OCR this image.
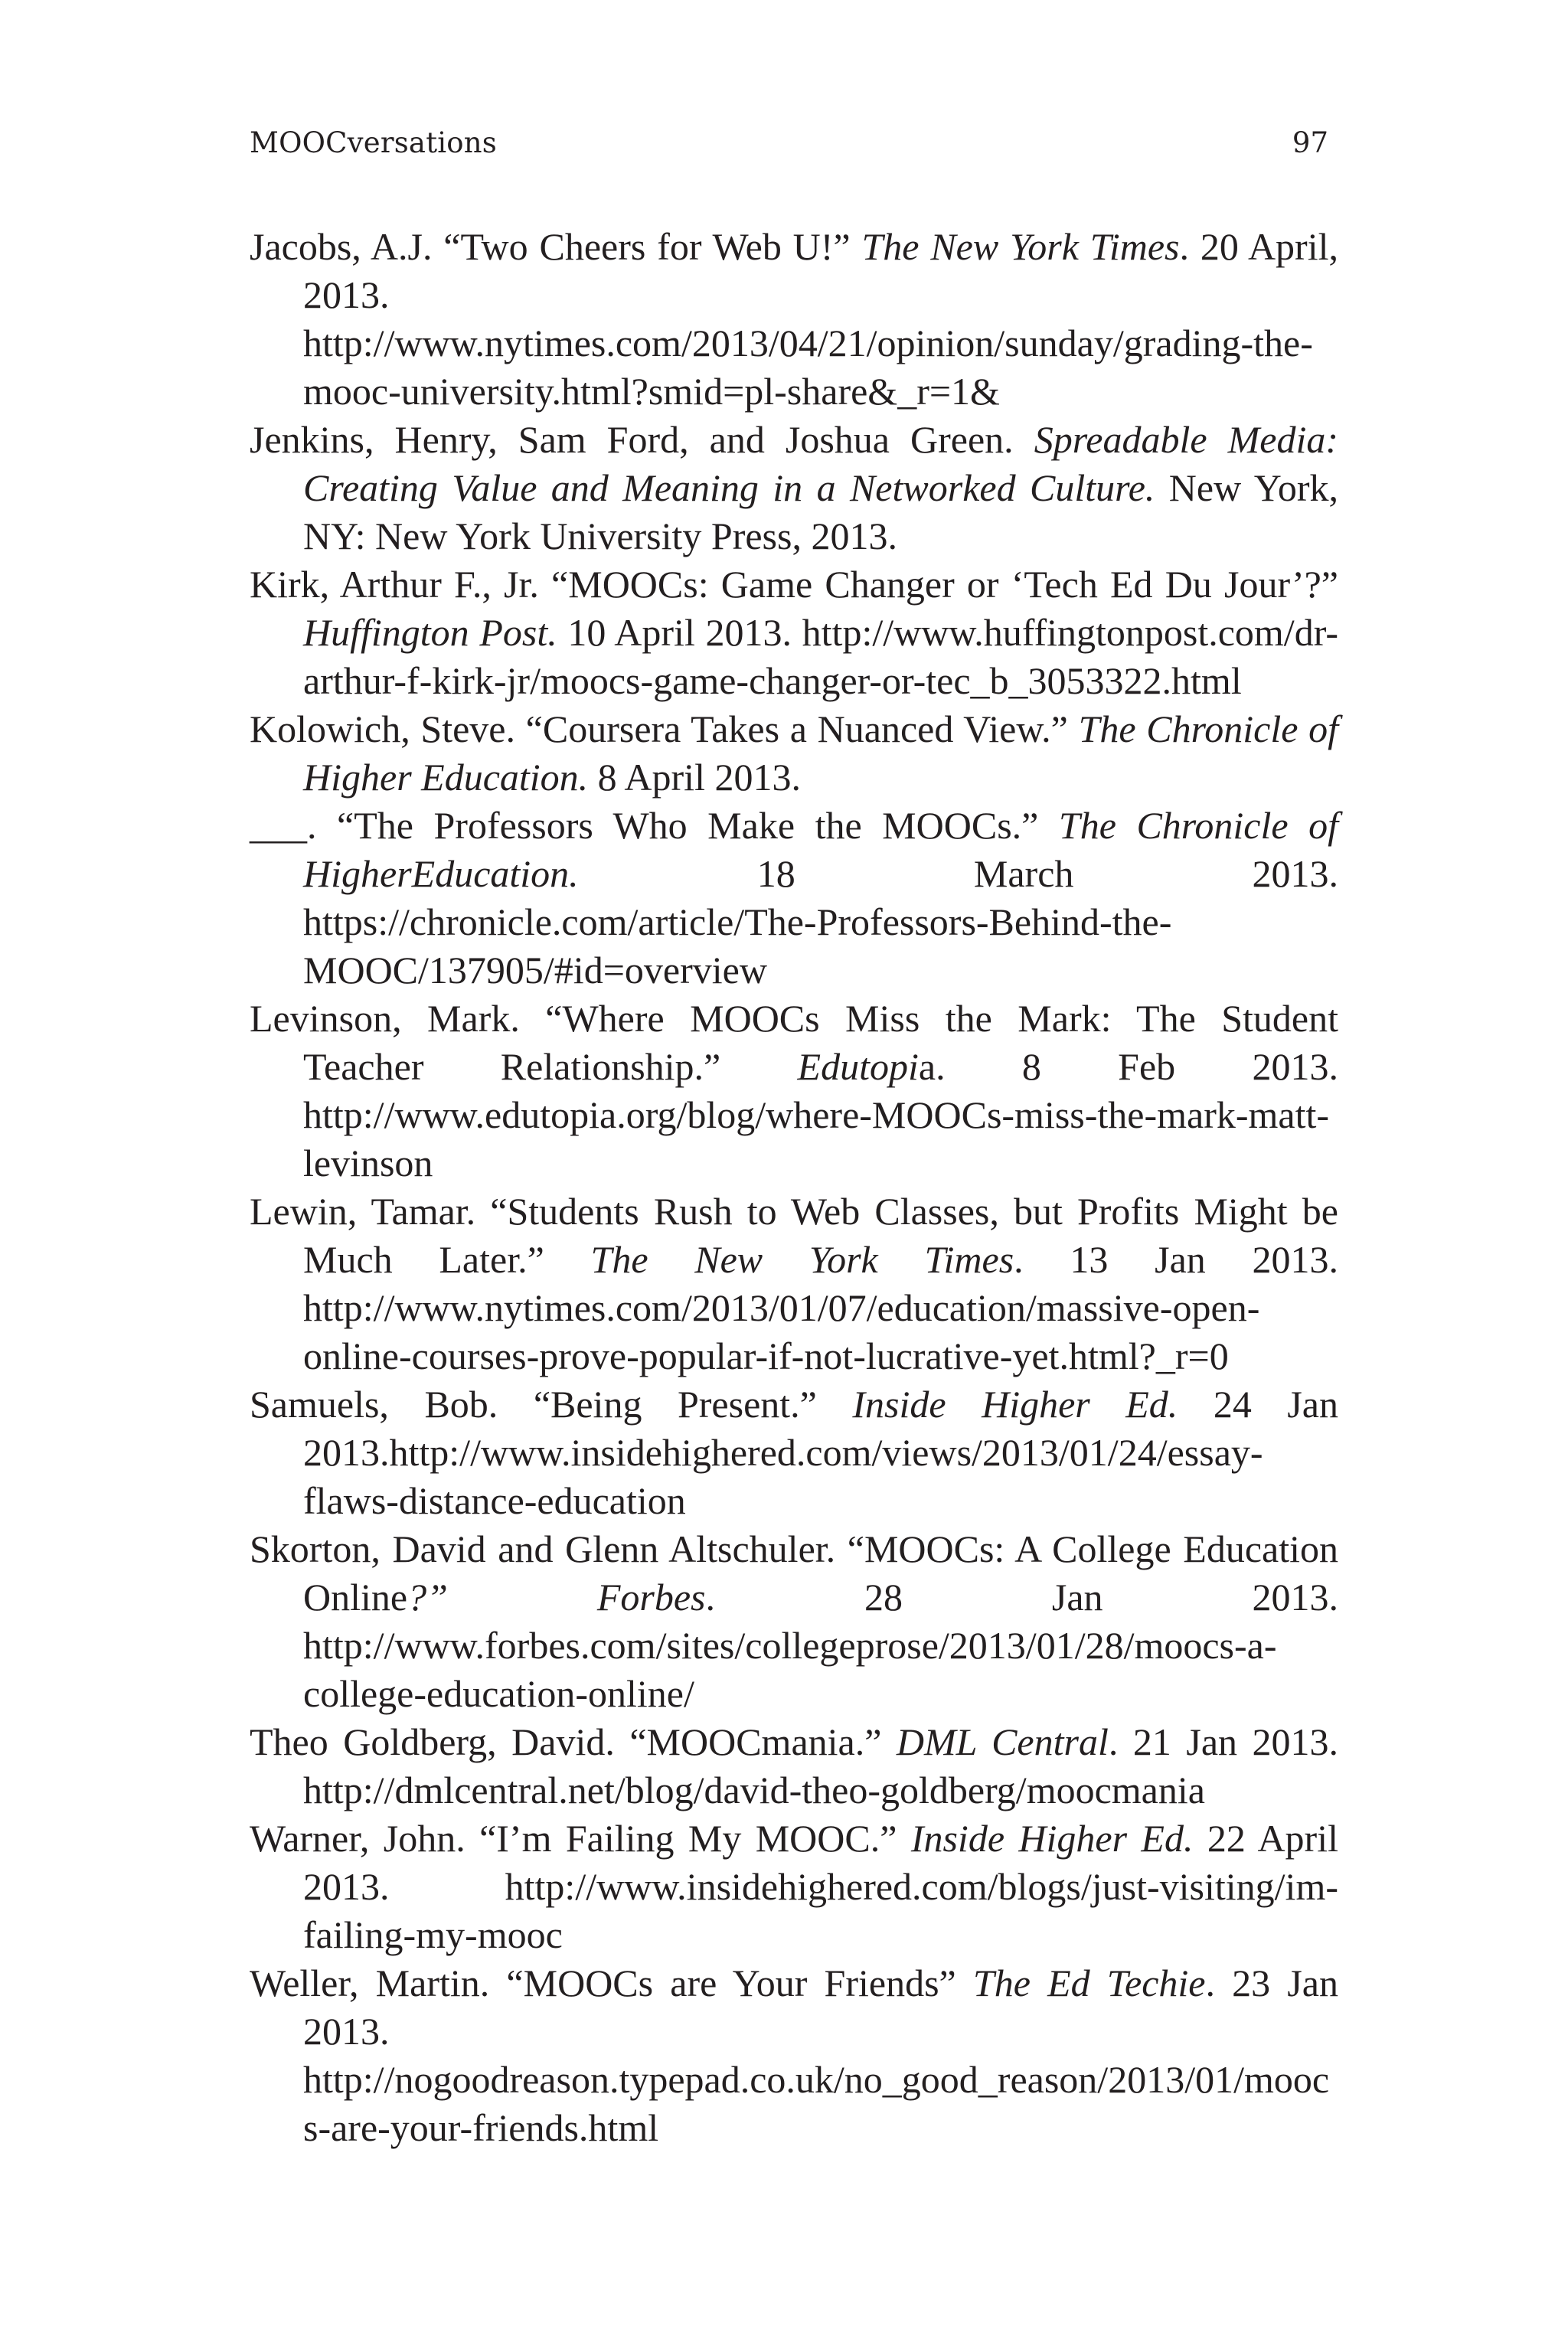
MOOCversations	97
Jacobs, A.J. “Two Cheers for Web U!” The New York Times. 20 April, 2013. http://www.nytimes.com/2013/04/21/opinion/sunday/grading-the-mooc-university.html?smid=pl-share&_r=1&
Jenkins, Henry, Sam Ford, and Joshua Green. Spreadable Media: Creating Value and Meaning in a Networked Culture. New York, NY: New York University Press, 2013.
Kirk, Arthur F., Jr. “MOOCs: Game Changer or ‘Tech Ed Du Jour’?” Huffington Post. 10 April 2013. http://www.huffingtonpost.com/dr-arthur-f-kirk-jr/moocs-game-changer-or-tec_b_3053322.html
Kolowich, Steve. “Coursera Takes a Nuanced View.” The Chronicle of Higher Education. 8 April 2013.
___. “The Professors Who Make the MOOCs.” The Chronicle of HigherEducation. 18 March 2013. https://chronicle.com/article/The-Professors-Behind-the-MOOC/137905/#id=overview
Levinson, Mark. “Where MOOCs Miss the Mark: The Student Teacher Relationship.” Edutopia. 8 Feb 2013. http://www.edutopia.org/blog/where-MOOCs-miss-the-mark-matt-levinson
Lewin, Tamar. “Students Rush to Web Classes, but Profits Might be Much Later.” The New York Times. 13 Jan 2013. http://www.nytimes.com/2013/01/07/education/massive-open-online-courses-prove-popular-if-not-lucrative-yet.html?_r=0
Samuels, Bob. “Being Present.” Inside Higher Ed. 24 Jan 2013.http://www.insidehighered.com/views/2013/01/24/essay-flaws-distance-education
Skorton, David and Glenn Altschuler. “MOOCs: A College Education Online?” Forbes. 28 Jan 2013. http://www.forbes.com/sites/collegeprose/2013/01/28/moocs-a-college-education-online/
Theo Goldberg, David. “MOOCmania.” DML Central. 21 Jan 2013. http://dmlcentral.net/blog/david-theo-goldberg/moocmania
Warner, John. “I’m Failing My MOOC.” Inside Higher Ed. 22 April 2013. http://www.insidehighered.com/blogs/just-visiting/im-failing-my-mooc
Weller, Martin. “MOOCs are Your Friends” The Ed Techie. 23 Jan 2013. http://nogoodreason.typepad.co.uk/no_good_reason/2013/01/moocs-are-your-friends.html
